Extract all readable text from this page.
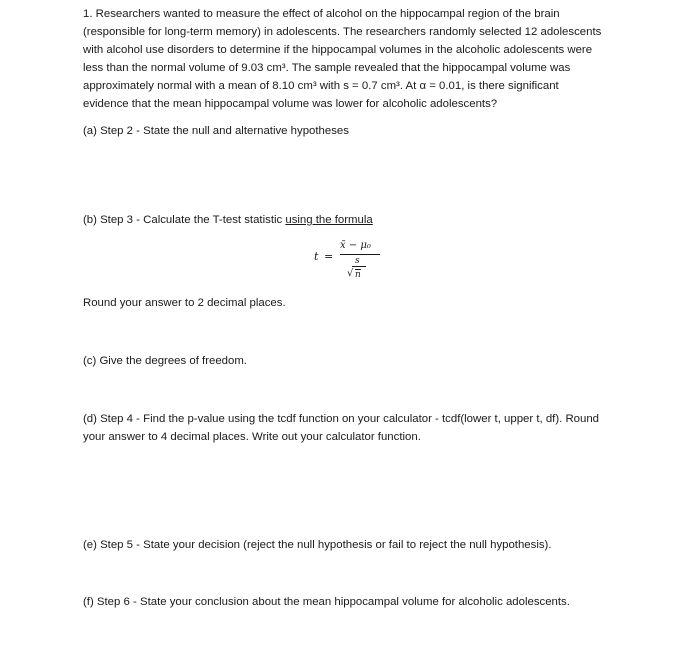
1. Researchers wanted to measure the effect of alcohol on the hippocampal region of the brain

(responsible for long-term memory) in adolescents. The researchers randomly selected 12 adolescents

with alcohol use disorders to determine if the hippocampal volumes in the alcoholic adolescents were

less than the normal volume of 9.03 cm³. The sample revealed that the hippocampal volume was

approximately normal with a mean of 8.10 cm³ with s = 0.7 cm³. At α = 0.01, is there significant

evidence that the mean hippocampal volume was lower for alcoholic adolescents?

(a) Step 2 - State the null and alternative hypotheses
(b) Step 3 - Calculate the T-test statistic using the formula
t =
x̄ − μ₀
s
√ n
Round your answer to 2 decimal places.
(c) Give the degrees of freedom.

(d) Step 4 - Find the p-value using the tcdf function on your calculator - tcdf(lower t, upper t, df). Round

your answer to 4 decimal places. Write out your calculator function.

(e) Step 5 - State your decision (reject the null hypothesis or fail to reject the null hypothesis).
(f) Step 6 - State your conclusion about the mean hippocampal volume for alcoholic adolescents.
